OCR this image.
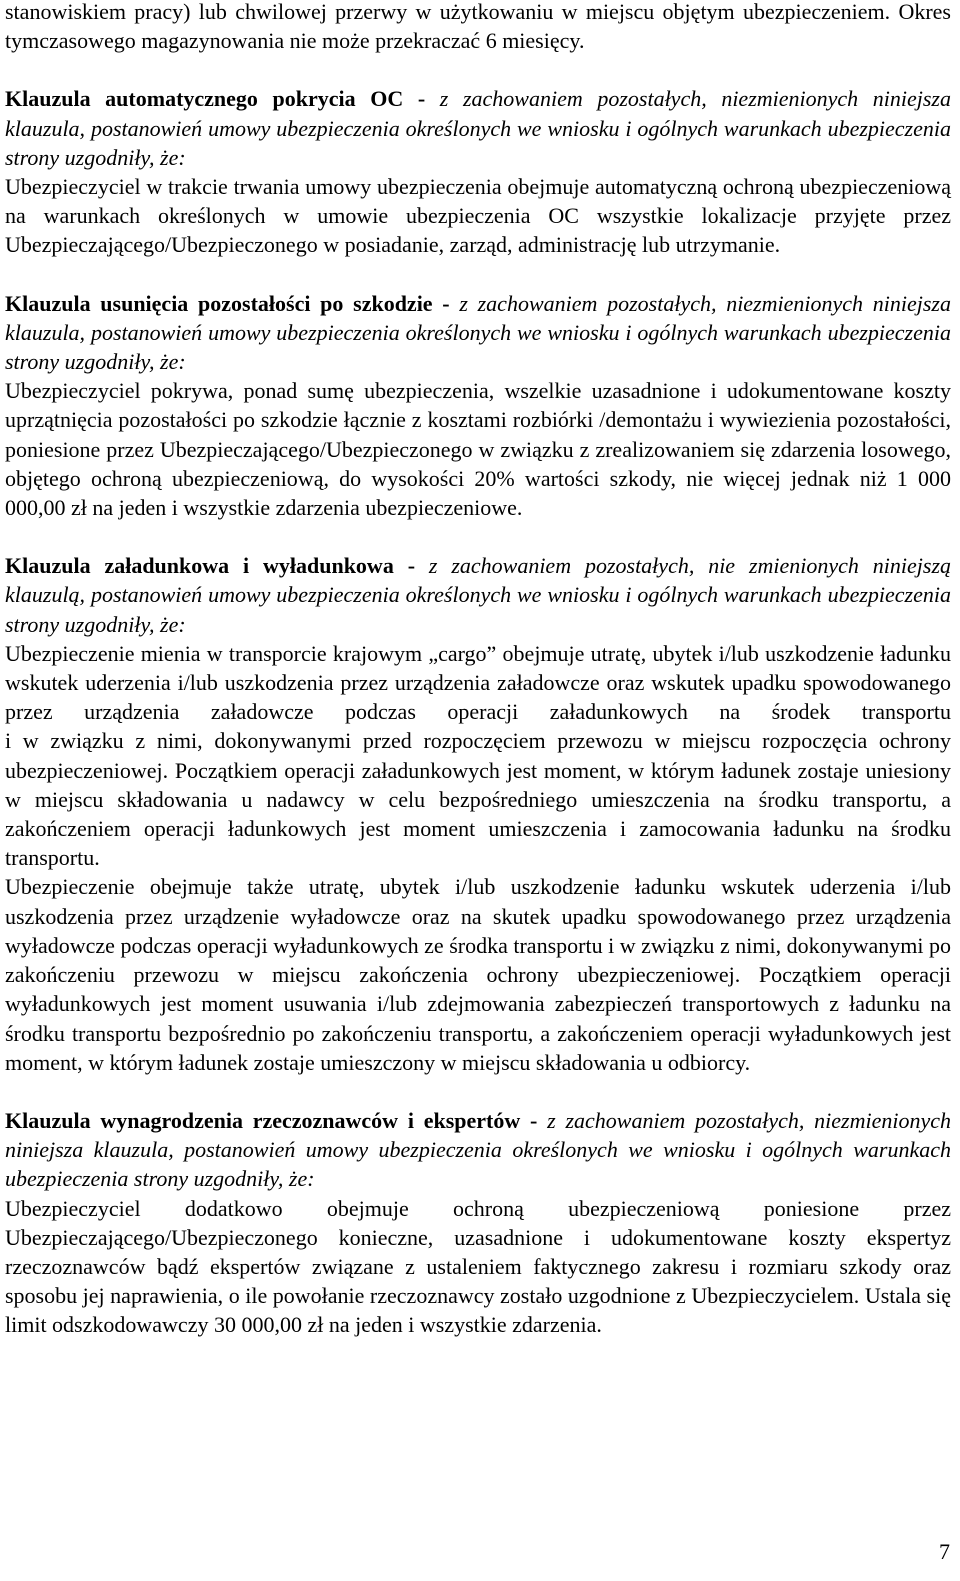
stanowiskiem pracy) lub chwilowej przerwy w użytkowaniu w miejscu objętym ubezpieczeniem. Okres tymczasowego magazynowania nie może przekraczać 6 miesięcy.

Klauzula automatycznego pokrycia OC - z zachowaniem pozostałych, niezmienionych niniejsza klauzula, postanowień umowy ubezpieczenia określonych we wniosku i ogólnych warunkach ubezpieczenia strony uzgodniły, że:

Ubezpieczyciel w trakcie trwania umowy ubezpieczenia obejmuje automatyczną ochroną ubezpieczeniową na warunkach określonych w umowie ubezpieczenia OC wszystkie lokalizacje przyjęte przez Ubezpieczającego/Ubezpieczonego w posiadanie, zarząd, administrację lub utrzymanie.

Klauzula usunięcia pozostałości po szkodzie - z zachowaniem pozostałych, niezmienionych niniejsza klauzula, postanowień umowy ubezpieczenia określonych we wniosku i ogólnych warunkach ubezpieczenia strony uzgodniły, że:

Ubezpieczyciel pokrywa, ponad sumę ubezpieczenia, wszelkie uzasadnione i udokumentowane koszty uprzątnięcia pozostałości po szkodzie łącznie z kosztami rozbiórki /demontażu i wywiezienia pozostałości, poniesione przez Ubezpieczającego/Ubezpieczonego w związku z zrealizowaniem się zdarzenia losowego, objętego ochroną ubezpieczeniową, do wysokości 20% wartości szkody, nie więcej jednak niż 1 000 000,00 zł na jeden i wszystkie zdarzenia ubezpieczeniowe.

Klauzula załadunkowa i wyładunkowa - z zachowaniem pozostałych, nie zmienionych niniejszą klauzulą, postanowień umowy ubezpieczenia określonych we wniosku i ogólnych warunkach ubezpieczenia strony uzgodniły, że:

Ubezpieczenie mienia w transporcie krajowym „cargo” obejmuje utratę, ubytek i/lub uszkodzenie ładunku wskutek uderzenia i/lub uszkodzenia przez urządzenia załadowcze oraz wskutek upadku spowodowanego przez urządzenia załadowcze podczas operacji załadunkowych na środek transportu

i w związku z nimi, dokonywanymi przed rozpoczęciem przewozu w miejscu rozpoczęcia ochrony ubezpieczeniowej. Początkiem operacji załadunkowych jest moment, w którym ładunek zostaje uniesiony w miejscu składowania u nadawcy w celu bezpośredniego umieszczenia na środku transportu, a zakończeniem operacji ładunkowych jest moment umieszczenia i zamocowania ładunku na środku transportu.

Ubezpieczenie obejmuje także utratę, ubytek i/lub uszkodzenie ładunku wskutek uderzenia i/lub uszkodzenia przez urządzenie wyładowcze oraz na skutek upadku spowodowanego przez urządzenia wyładowcze podczas operacji wyładunkowych ze środka transportu i w związku z nimi, dokonywanymi po zakończeniu przewozu w miejscu zakończenia ochrony ubezpieczeniowej. Początkiem operacji wyładunkowych jest moment usuwania i/lub zdejmowania zabezpieczeń transportowych z ładunku na środku transportu bezpośrednio po zakończeniu transportu, a zakończeniem operacji wyładunkowych jest moment, w którym ładunek zostaje umieszczony w miejscu składowania u odbiorcy.

Klauzula wynagrodzenia rzeczoznawców i ekspertów - z zachowaniem pozostałych, niezmienionych niniejsza klauzula, postanowień umowy ubezpieczenia określonych we wniosku i ogólnych warunkach ubezpieczenia strony uzgodniły, że:

Ubezpieczyciel dodatkowo obejmuje ochroną ubezpieczeniową poniesione przez Ubezpieczającego/Ubezpieczonego konieczne, uzasadnione i udokumentowane koszty ekspertyz rzeczoznawców bądź ekspertów związane z ustaleniem faktycznego zakresu i rozmiaru szkody oraz sposobu jej naprawienia, o ile powołanie rzeczoznawcy zostało uzgodnione z Ubezpieczycielem. Ustala się limit odszkodowawczy 30 000,00 zł na jeden i wszystkie zdarzenia.

7
